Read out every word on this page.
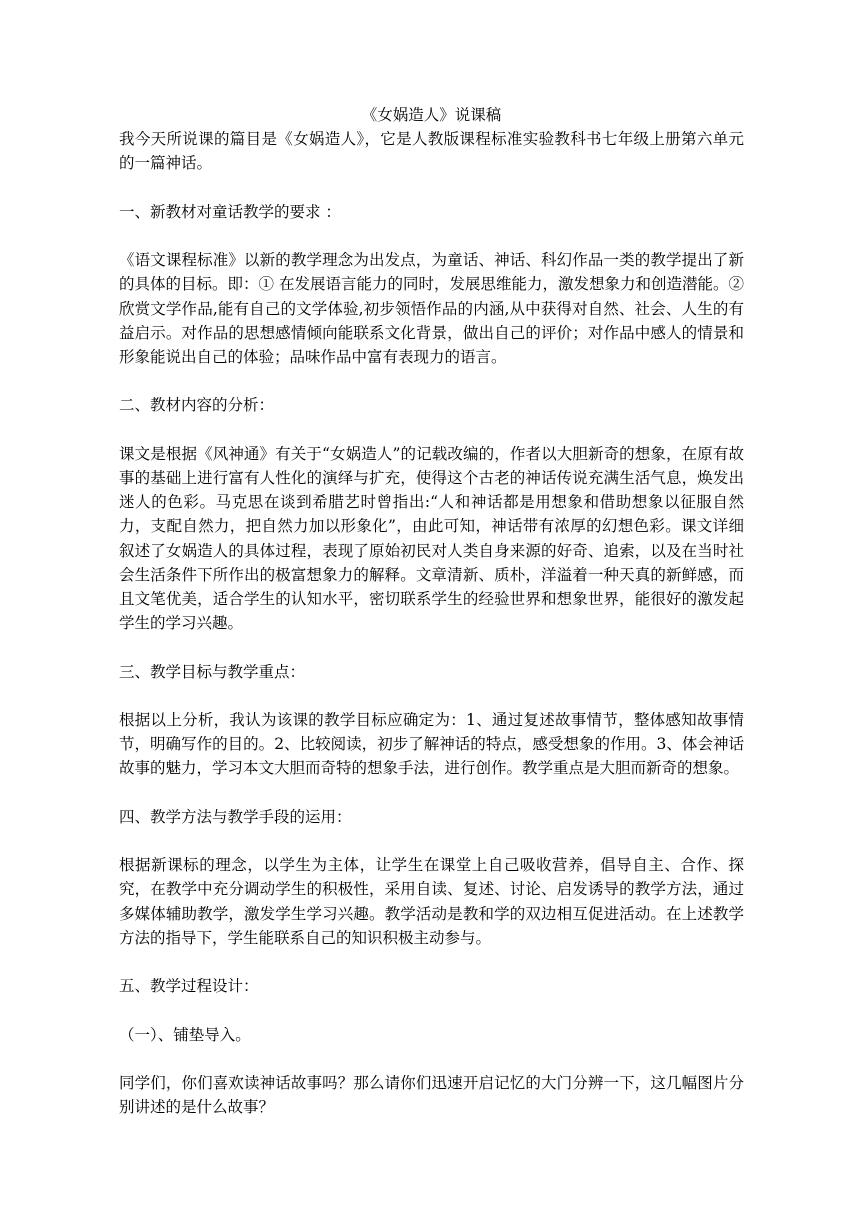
《女娲造人》说课稿

我今天所说课的篇目是《女娲造人》，它是人教版课程标准实验教科书七年级上册第六单元的一篇神话。

一、新教材对童话教学的要求 ：

《语文课程标准》以新的教学理念为出发点，为童话、神话、科幻作品一类的教学提出了新的具体的目标。即：① 在发展语言能力的同时，发展思维能力，激发想象力和创造潜能。②欣赏文学作品,能有自己的文学体验,初步领悟作品的内涵,从中获得对自然、社会、人生的有益启示。对作品的思想感情倾向能联系文化背景，做出自己的评价；对作品中感人的情景和形象能说出自己的体验；品味作品中富有表现力的语言。

二、教材内容的分析：

课文是根据《风神通》有关于“女娲造人”的记载改编的，作者以大胆新奇的想象，在原有故事的基础上进行富有人性化的演绎与扩充，使得这个古老的神话传说充满生活气息，焕发出迷人的色彩。马克思在谈到希腊艺时曾指出:“人和神话都是用想象和借助想象以征服自然力，支配自然力，把自然力加以形象化”，由此可知，神话带有浓厚的幻想色彩。课文详细叙述了女娲造人的具体过程，表现了原始初民对人类自身来源的好奇、追索，以及在当时社会生活条件下所作出的极富想象力的解释。文章清新、质朴，洋溢着一种天真的新鲜感，而且文笔优美，适合学生的认知水平，密切联系学生的经验世界和想象世界，能很好的激发起学生的学习兴趣。

三、教学目标与教学重点：

根据以上分析，我认为该课的教学目标应确定为：1、通过复述故事情节，整体感知故事情节，明确写作的目的。2、比较阅读，初步了解神话的特点，感受想象的作用。3、体会神话故事的魅力，学习本文大胆而奇特的想象手法，进行创作。教学重点是大胆而新奇的想象。

四、教学方法与教学手段的运用：

根据新课标的理念，以学生为主体，让学生在课堂上自己吸收营养，倡导自主、合作、探究，在教学中充分调动学生的积极性，采用自读、复述、讨论、启发诱导的教学方法，通过多媒体辅助教学，激发学生学习兴趣。教学活动是教和学的双边相互促进活动。在上述教学方法的指导下，学生能联系自己的知识积极主动参与。

五、教学过程设计：

（一）、铺垫导入。

同学们，你们喜欢读神话故事吗？那么请你们迅速开启记忆的大门分辨一下，这几幅图片分别讲述的是什么故事？
